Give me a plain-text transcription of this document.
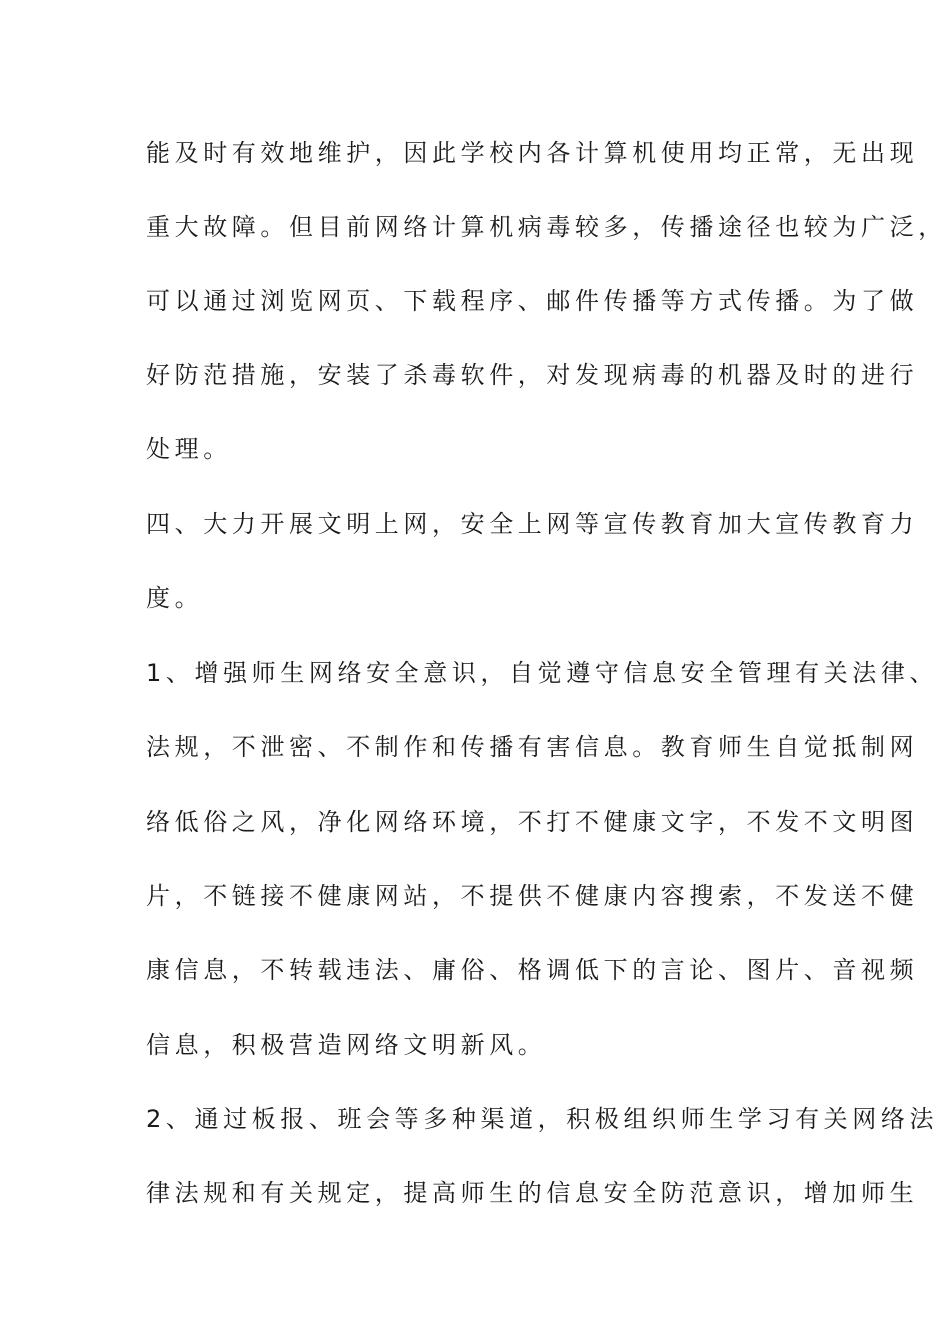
能及时有效地维护，因此学校内各计算机使用均正常，无出现
重大故障。但目前网络计算机病毒较多，传播途径也较为广泛，
可以通过浏览网页、下载程序、邮件传播等方式传播。为了做
好防范措施，安装了杀毒软件，对发现病毒的机器及时的进行
处理。
四、大力开展文明上网，安全上网等宣传教育加大宣传教育力
度。
1、增强师生网络安全意识，自觉遵守信息安全管理有关法律、
法规，不泄密、不制作和传播有害信息。教育师生自觉抵制网
络低俗之风，净化网络环境，不打不健康文字，不发不文明图
片，不链接不健康网站，不提供不健康内容搜索，不发送不健
康信息，不转载违法、庸俗、格调低下的言论、图片、音视频
信息，积极营造网络文明新风。
2、通过板报、班会等多种渠道，积极组织师生学习有关网络法
律法规和有关规定，提高师生的信息安全防范意识，增加师生
